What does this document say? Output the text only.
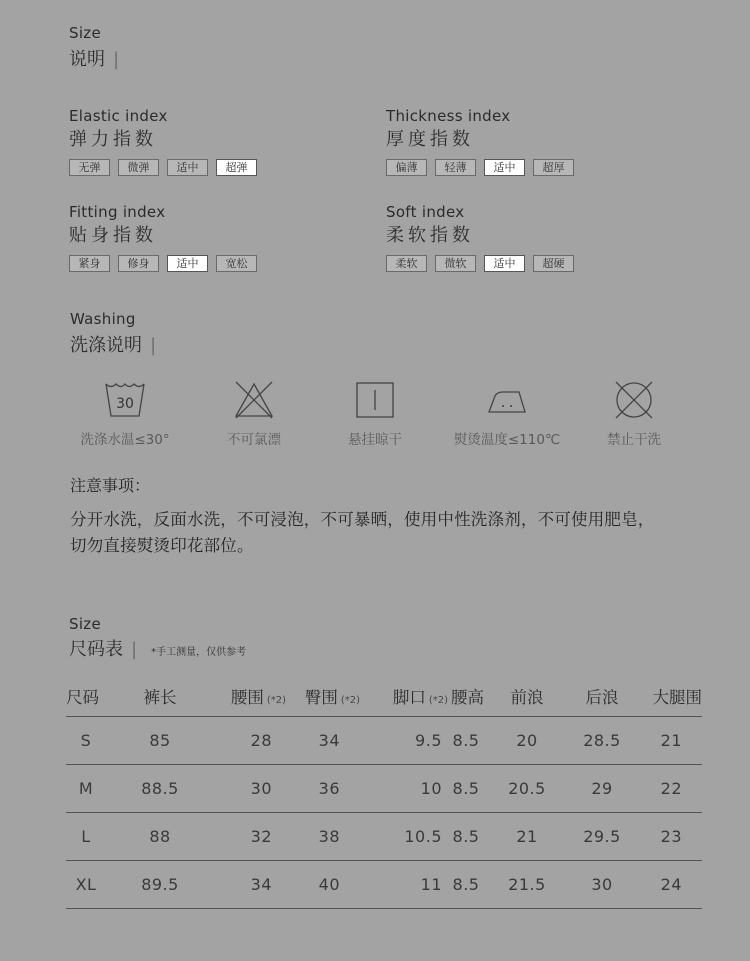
Size
说明 |
Elastic index
弹力指数
无弹	微弹	适中	超弹
Thickness index
厚度指数
偏薄	轻薄	适中	超厚
Fitting index
贴身指数
紧身	修身	适中	宽松
Soft index
柔软指数
柔软	微软	适中	超硬
Washing
洗涤说明 |
30
洗涤水温≤30°	不可氯漂	悬挂晾干	熨烫温度≤110℃	禁止干洗
注意事项：
分开水洗，反面水洗，不可浸泡，不可暴晒，使用中性洗涤剂，不可使用肥皂，
切勿直接熨烫印花部位。
Size
尺码表 | *手工测量，仅供参考
尺码	裤长	腰围 (*2)	臀围 (*2)	脚口 (*2)	腰高	前浪	后浪	大腿围
S	85	28	34	9.5	8.5	20	28.5	21
M	88.5	30	36	10	8.5	20.5	29	22
L	88	32	38	10.5	8.5	21	29.5	23
XL	89.5	34	40	11	8.5	21.5	30	24
